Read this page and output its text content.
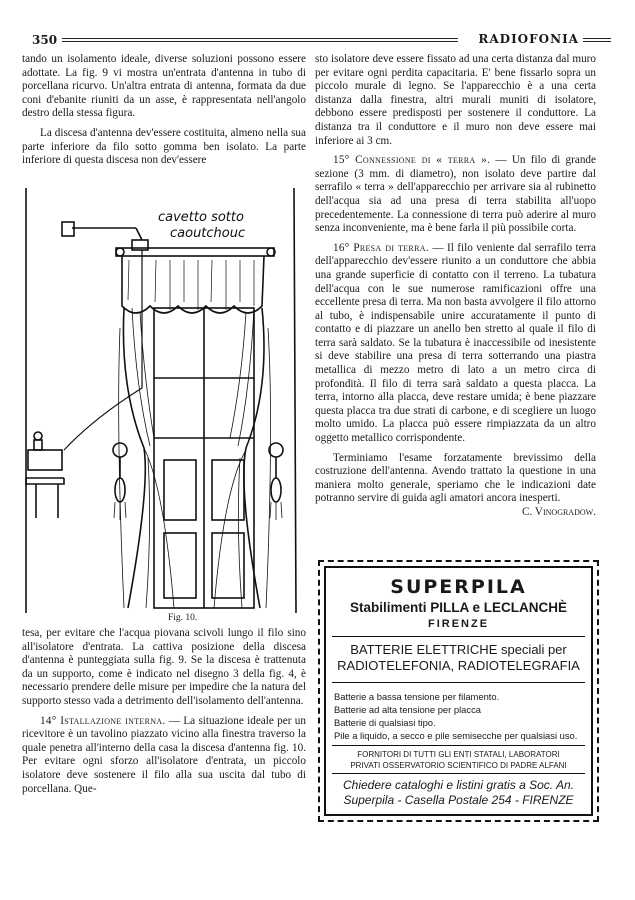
350	RADIOFONIA

tando un isolamento ideale, diverse soluzioni possono essere adottate. La fig. 9 vi mostra un'entrata d'antenna in tubo di porcellana ricurvo. Un'altra entrata di antenna, formata da due coni d'ebanite riuniti da un asse, è rappresentata nell'angolo destro della stessa figura.

La discesa d'antenna dev'essere costituita, almeno nella sua parte inferiore da filo sotto gomma ben isolato. La parte inferiore di questa discesa non dev'essere

cavetto sotto
caoutchouc
Fig. 10.

tesa, per evitare che l'acqua piovana scivoli lungo il filo sino all'isolatore d'entrata. La cattiva posizione della discesa d'antenna è punteggiata sulla fig. 9. Se la discesa è trattenuta da un supporto, come è indicato nel disegno 3 della fig. 4, è necessario prendere delle misure per impedire che la natura del supporto stesso vada a detrimento dell'isolamento dell'antenna.

14° Istallazione interna. — La situazione ideale per un ricevitore è un tavolino piazzato vicino alla finestra traverso la quale penetra all'interno della casa la discesa d'antenna fig. 10. Per evitare ogni sforzo all'isolatore d'entrata, un piccolo isolatore deve sostenere il filo alla sua uscita dal tubo di porcellana. Que-

sto isolatore deve essere fissato ad una certa distanza dal muro per evitare ogni perdita capacitaria. E' bene fissarlo sopra un piccolo murale di legno. Se l'apparecchio è a una certa distanza dalla finestra, altri murali muniti di isolatore, debbono essere predisposti per sostenere il conduttore. La distanza tra il conduttore e il muro non deve essere mai inferiore ai 3 cm.

15° Connessione di « terra ». — Un filo di grande sezione (3 mm. di diametro), non isolato deve partire dal serrafilo « terra » dell'apparecchio per arrivare sia al rubinetto dell'acqua sia ad una presa di terra stabilita all'uopo precedentemente. La connessione di terra può aderire al muro senza inconveniente, ma è bene farla il più possibile corta.

16° Presa di terra. — Il filo veniente dal serrafilo terra dell'apparecchio dev'essere riunito a un conduttore che abbia una grande superficie di contatto con il terreno. La tubatura dell'acqua con le sue numerose ramificazioni offre una eccellente presa di terra. Ma non basta avvolgere il filo attorno al tubo, è indispensabile unire accuratamente il punto di contatto e di piazzare un anello ben stretto al quale il filo di terra sarà saldato. Se la tubatura è inaccessibile od inesistente si deve stabilire una presa di terra sotterrando una piastra metallica di mezzo metro di lato a un metro circa di profondità. Il filo di terra sarà saldato a questa placca. La terra, intorno alla placca, deve restare umida; è bene piazzare questa placca tra due strati di carbone, e di scegliere un luogo molto umido. La placca può essere rimpiazzata da un altro oggetto metallico corrispondente.

Terminiamo l'esame forzatamente brevissimo della costruzione dell'antenna. Avendo trattato la questione in una maniera molto generale, speriamo che le indicazioni date potranno servire di guida agli amatori ancora inesperti.

C. Vinogradow.

SUPERPILA
Stabilimenti PILLA e LECLANCHÈ
FIRENZE
BATTERIE ELETTRICHE speciali per
RADIOTELEFONIA, RADIOTELEGRAFIA
Batterie a bassa tensione per filamento.
Batterie ad alta tensione per placca
Batterie di qualsiasi tipo.
Pile a liquido, a secco e pile semisecche per qualsiasi uso.
FORNITORI DI TUTTI GLI ENTI STATALI, LABORATORI
PRIVATI OSSERVATORIO SCIENTIFICO DI PADRE ALFANI
Chiedere cataloghi e listini gratis a Soc. An.
Superpila - Casella Postale 254 - FIRENZE
